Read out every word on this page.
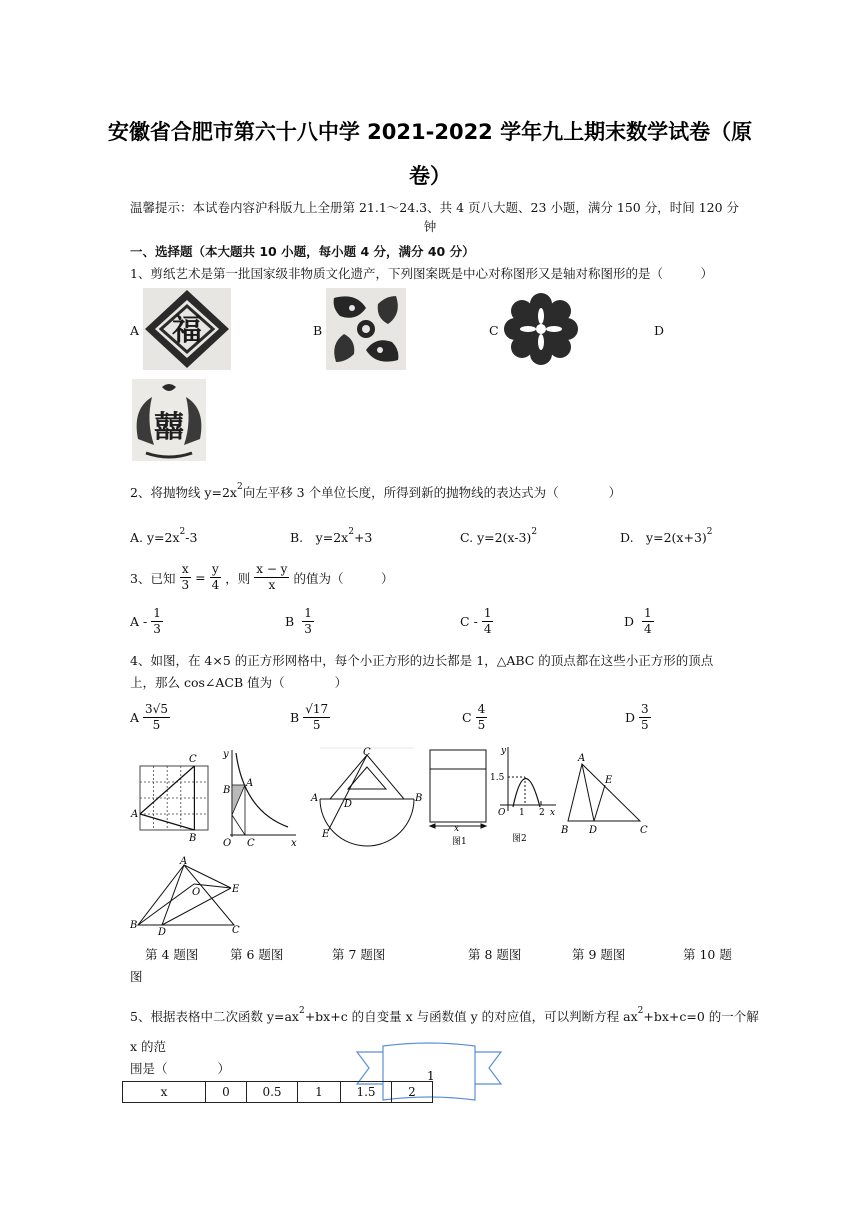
安徽省合肥市第六十八中学 2021-2022 学年九上期末数学试卷（原
卷）
温馨提示：本试卷内容沪科版九上全册第 21.1～24.3、共 4 页八大题、23 小题，满分 150 分，时间 120 分
钟
一、选择题（本大题共 10 小题，每小题 4 分，满分 40 分）
1、剪纸艺术是第一批国家级非物质文化遗产，下列图案既是中心对称图形又是轴对称图形的是（　　　）
A 福	B	C	D
囍
2、将抛物线 $y=2x^2$向左平移 3 个单位长度，所得到新的抛物线的表达式为（　　　　）
A. $y=2x^2-3$	B.　$y=2x^2+3$	C. $y=2(x-3)^2$	D.　$y=2(x+3)^2$
3、已知 $\frac{x}{3} = \frac{y}{4}$ ，则 $\frac{x - y}{x}$ 的值为（　　　）
A - $\frac{1}{3}$	B $\frac{1}{3}$	C - $\frac{1}{4}$	D $\frac{1}{4}$
4、如图，在 4×5 的正方形网格中，每个小正方形的边长都是 1，△ABC 的顶点都在这些小正方形的顶点
上，那么 cos∠ACB 值为（　　　　）
A $\frac{3√5}{5}$	B $\frac{√17}{5}$	C $\frac{4}{5}$	D $\frac{3}{5}$
C
A
B
y
x
A
B
O C
C
A	B
D
E	x
图1
y
x
1.5
O 1 2
图2
A
E
B D	C
A
O	E
B
D	C
第 4 题图	第 6 题图	第 7 题图	第 8 题图	第 9 题图	第 10 题
图
5、根据表格中二次函数 $y=ax^2+bx+c$ 的自变量 x 与函数值 y 的对应值，可以判断方程 $ax^2+bx+c=0$ 的一个解
x 的范
围是（　　　　）	1
x	0	0.5	1	1.5	2
